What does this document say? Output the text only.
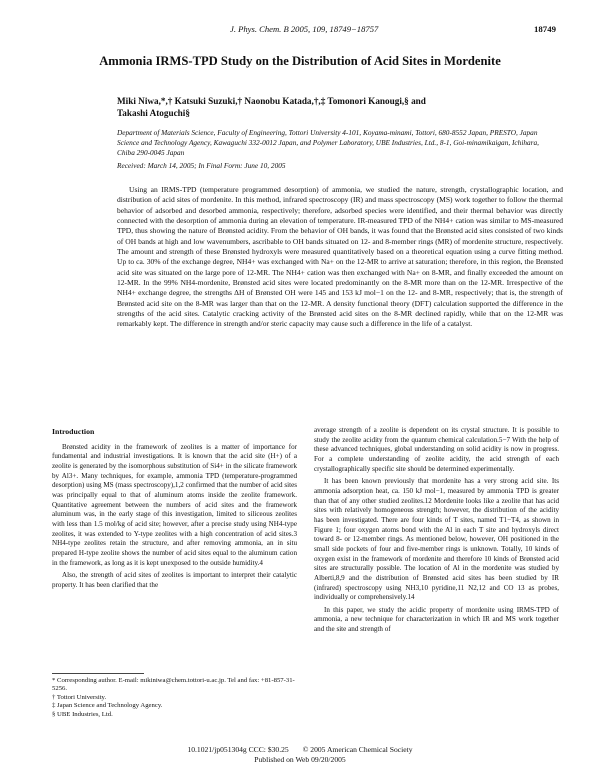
J. Phys. Chem. B 2005, 109, 18749−18757	18749
Ammonia IRMS-TPD Study on the Distribution of Acid Sites in Mordenite
Miki Niwa,*,† Katsuki Suzuki,† Naonobu Katada,†,‡ Tomonori Kanougi,§ and
Takashi Atoguchi§
Department of Materials Science, Faculty of Engineering, Tottori University 4-101, Koyama-minami, Tottori, 680-8552 Japan, PRESTO, Japan Science and Technology Agency, Kawaguchi 332-0012 Japan, and Polymer Laboratory, UBE Industries, Ltd., 8-1, Goi-minamikaigan, Ichihara, Chiba 290-0045 Japan
Received: March 14, 2005; In Final Form: June 10, 2005
Using an IRMS-TPD (temperature programmed desorption) of ammonia, we studied the nature, strength, crystallographic location, and distribution of acid sites of mordenite. In this method, infrared spectroscopy (IR) and mass spectroscopy (MS) work together to follow the thermal behavior of adsorbed and desorbed ammonia, respectively; therefore, adsorbed species were identified, and their thermal behavior was directly connected with the desorption of ammonia during an elevation of temperature. IR-measured TPD of the NH4+ cation was similar to MS-measured TPD, thus showing the nature of Brønsted acidity. From the behavior of OH bands, it was found that the Brønsted acid sites consisted of two kinds of OH bands at high and low wavenumbers, ascribable to OH bands situated on 12- and 8-member rings (MR) of mordenite structure, respectively. The amount and strength of these Brønsted hydroxyls were measured quantitatively based on a theoretical equation using a curve fitting method. Up to ca. 30% of the exchange degree, NH4+ was exchanged with Na+ on the 12-MR to arrive at saturation; therefore, in this region, the Brønsted acid site was situated on the large pore of 12-MR. The NH4+ cation was then exchanged with Na+ on 8-MR, and finally exceeded the amount on 12-MR. In the 99% NH4-mordenite, Brønsted acid sites were located predominantly on the 8-MR more than on the 12-MR. Irrespective of the NH4+ exchange degree, the strengths ΔH of Brønsted OH were 145 and 153 kJ mol−1 on the 12- and 8-MR, respectively; that is, the strength of Brønsted acid site on the 8-MR was larger than that on the 12-MR. A density functional theory (DFT) calculation supported the difference in the strengths of the acid sites. Catalytic cracking activity of the Brønsted acid sites on the 8-MR declined rapidly, while that on the 12-MR was remarkably kept. The difference in strength and/or steric capacity may cause such a difference in the life of a catalyst.
Introduction

Brønsted acidity in the framework of zeolites is a matter of importance for fundamental and industrial investigations. It is known that the acid site (H+) of a zeolite is generated by the isomorphous substitution of Si4+ in the silicate framework by Al3+. Many techniques, for example, ammonia TPD (temperature-programmed desorption) using MS (mass spectroscopy),1,2 confirmed that the number of acid sites was principally equal to that of aluminum atoms inside the zeolite framework. Quantitative agreement between the numbers of acid sites and the framework aluminum was, in the early stage of this investigation, limited to siliceous zeolites with less than 1.5 mol/kg of acid site; however, after a precise study using NH4-type zeolites, it was extended to Y-type zeolites with a high concentration of acid sites.3 NH4-type zeolites retain the structure, and after removing ammonia, an in situ prepared H-type zeolite shows the number of acid sites equal to the aluminum cation in the framework, as long as it is kept unexposed to the outside humidity.4

Also, the strength of acid sites of zeolites is important to interpret their catalytic property. It has been clarified that the

average strength of a zeolite is dependent on its crystal structure. It is possible to study the zeolite acidity from the quantum chemical calculation.5−7 With the help of these advanced techniques, global understanding on solid acidity is now in progress. For a complete understanding of zeolite acidity, the acid strength of each crystallographically specific site should be determined experimentally.

It has been known previously that mordenite has a very strong acid site. Its ammonia adsorption heat, ca. 150 kJ mol−1, measured by ammonia TPD is greater than that of any other studied zeolites.12 Mordenite looks like a zeolite that has acid sites with relatively homogeneous strength; however, the distribution of the acidity has been investigated. There are four kinds of T sites, named T1−T4, as shown in Figure 1; four oxygen atoms bond with the Al in each T site and hydroxyls direct toward 8- or 12-member rings. As mentioned below, however, OH positioned in the small side pockets of four and five-member rings is unknown. Totally, 10 kinds of oxygen exist in the framework of mordenite and therefore 10 kinds of Brønsted acid sites are structurally possible. The location of Al in the mordenite was studied by Alberti,8,9 and the distribution of Brønsted acid sites has been studied by IR (infrared) spectroscopy using NH3,10 pyridine,11 N2,12 and CO 13 as probes, individually or comprehensively.14

In this paper, we study the acidic property of mordenite using IRMS-TPD of ammonia, a new technique for characterization in which IR and MS work together and the site and strength of

* Corresponding author. E-mail: mikiniwa@chem.tottori-u.ac.jp. Tel and fax: +81-857-31-5256.
† Tottori University.
‡ Japan Science and Technology Agency.
§ UBE Industries, Ltd.
10.1021/jp051304g CCC: $30.25 © 2005 American Chemical Society
Published on Web 09/20/2005
